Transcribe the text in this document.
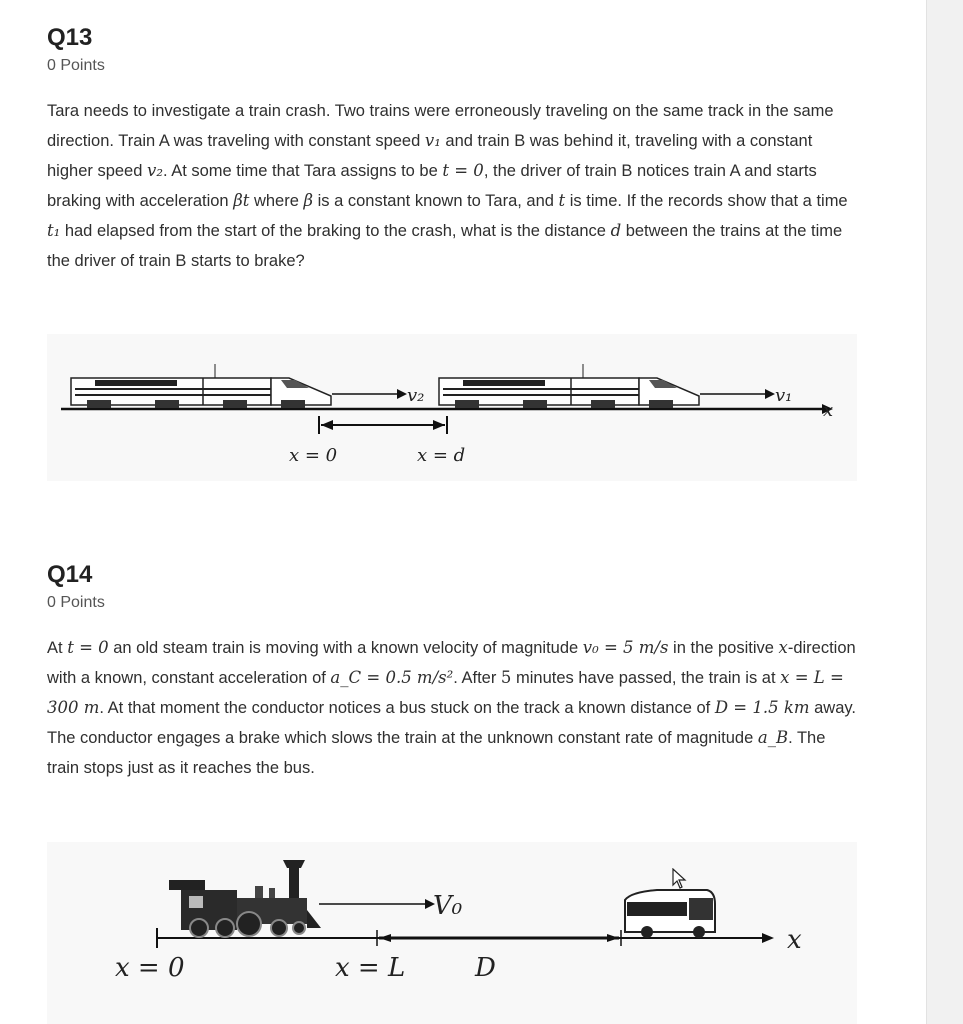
Q13
0 Points
Tara needs to investigate a train crash. Two trains were erroneously traveling on the same track in the same direction. Train A was traveling with constant speed v₁ and train B was behind it, traveling with a constant higher speed v₂. At some time that Tara assigns to be t = 0, the driver of train B notices train A and starts braking with acceleration βt where β is a constant known to Tara, and t is time. If the records show that a time t₁ had elapsed from the start of the braking to the crash, what is the distance d between the trains at the time the driver of train B starts to brake?
v₂	v₁
x
x = 0	x = d
Q14
0 Points
At t = 0 an old steam train is moving with a known velocity of magnitude v₀ = 5 m/s in the positive x-direction with a known, constant acceleration of a_C = 0.5 m/s². After 5 minutes have passed, the train is at x = L = 300 m. At that moment the conductor notices a bus stuck on the track a known distance of D = 1.5 km away. The conductor engages a brake which slows the train at the unknown constant rate of magnitude a_B. The train stops just as it reaches the bus.
V₀
x
x = 0	x = L	D
